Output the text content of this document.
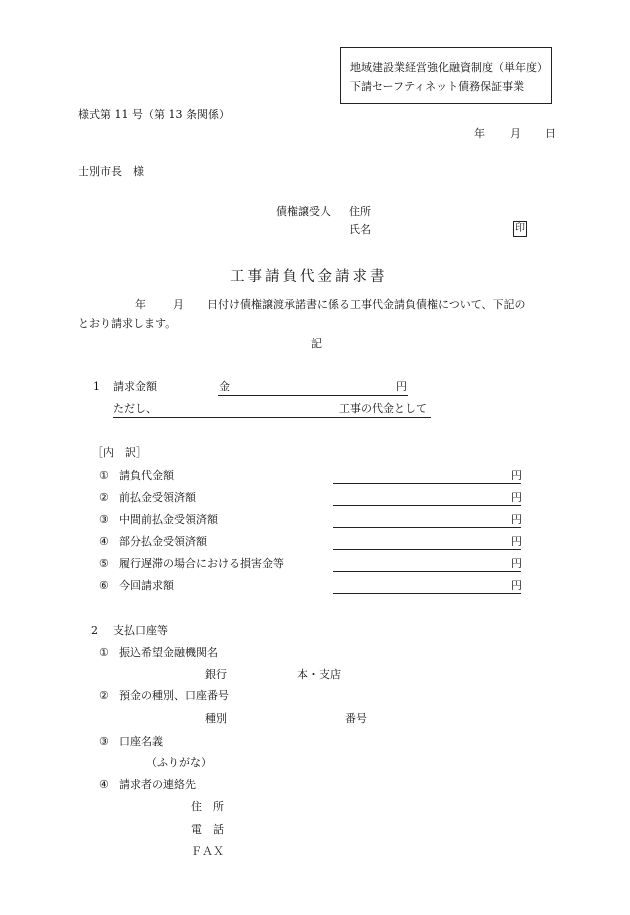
地域建設業経営強化融資制度（単年度）
下請セーフティネット債務保証事業
様式第 11 号（第 13 条関係）
年 月 日
士別市長　様
債権譲受人 住所
氏名	印
工事請負代金請求書
年 月 日付け債権譲渡承諾書に係る工事代金請負債権について、下記の
とおり請求します。
記
1 請求金額	金	円
ただし、	工事の代金として
［内　訳］
① 請負代金額	円
② 前払金受領済額	円
③ 中間前払金受領済額	円
④ 部分払金受領済額	円
⑤ 履行遅滞の場合における損害金等	円
⑥ 今回請求額	円
2 支払口座等
① 振込希望金融機関名
銀行	本・支店
② 預金の種別、口座番号
種別	番号
③ 口座名義
（ふりがな）
④ 請求者の連絡先
住　所
電　話
ＦＡＸ
